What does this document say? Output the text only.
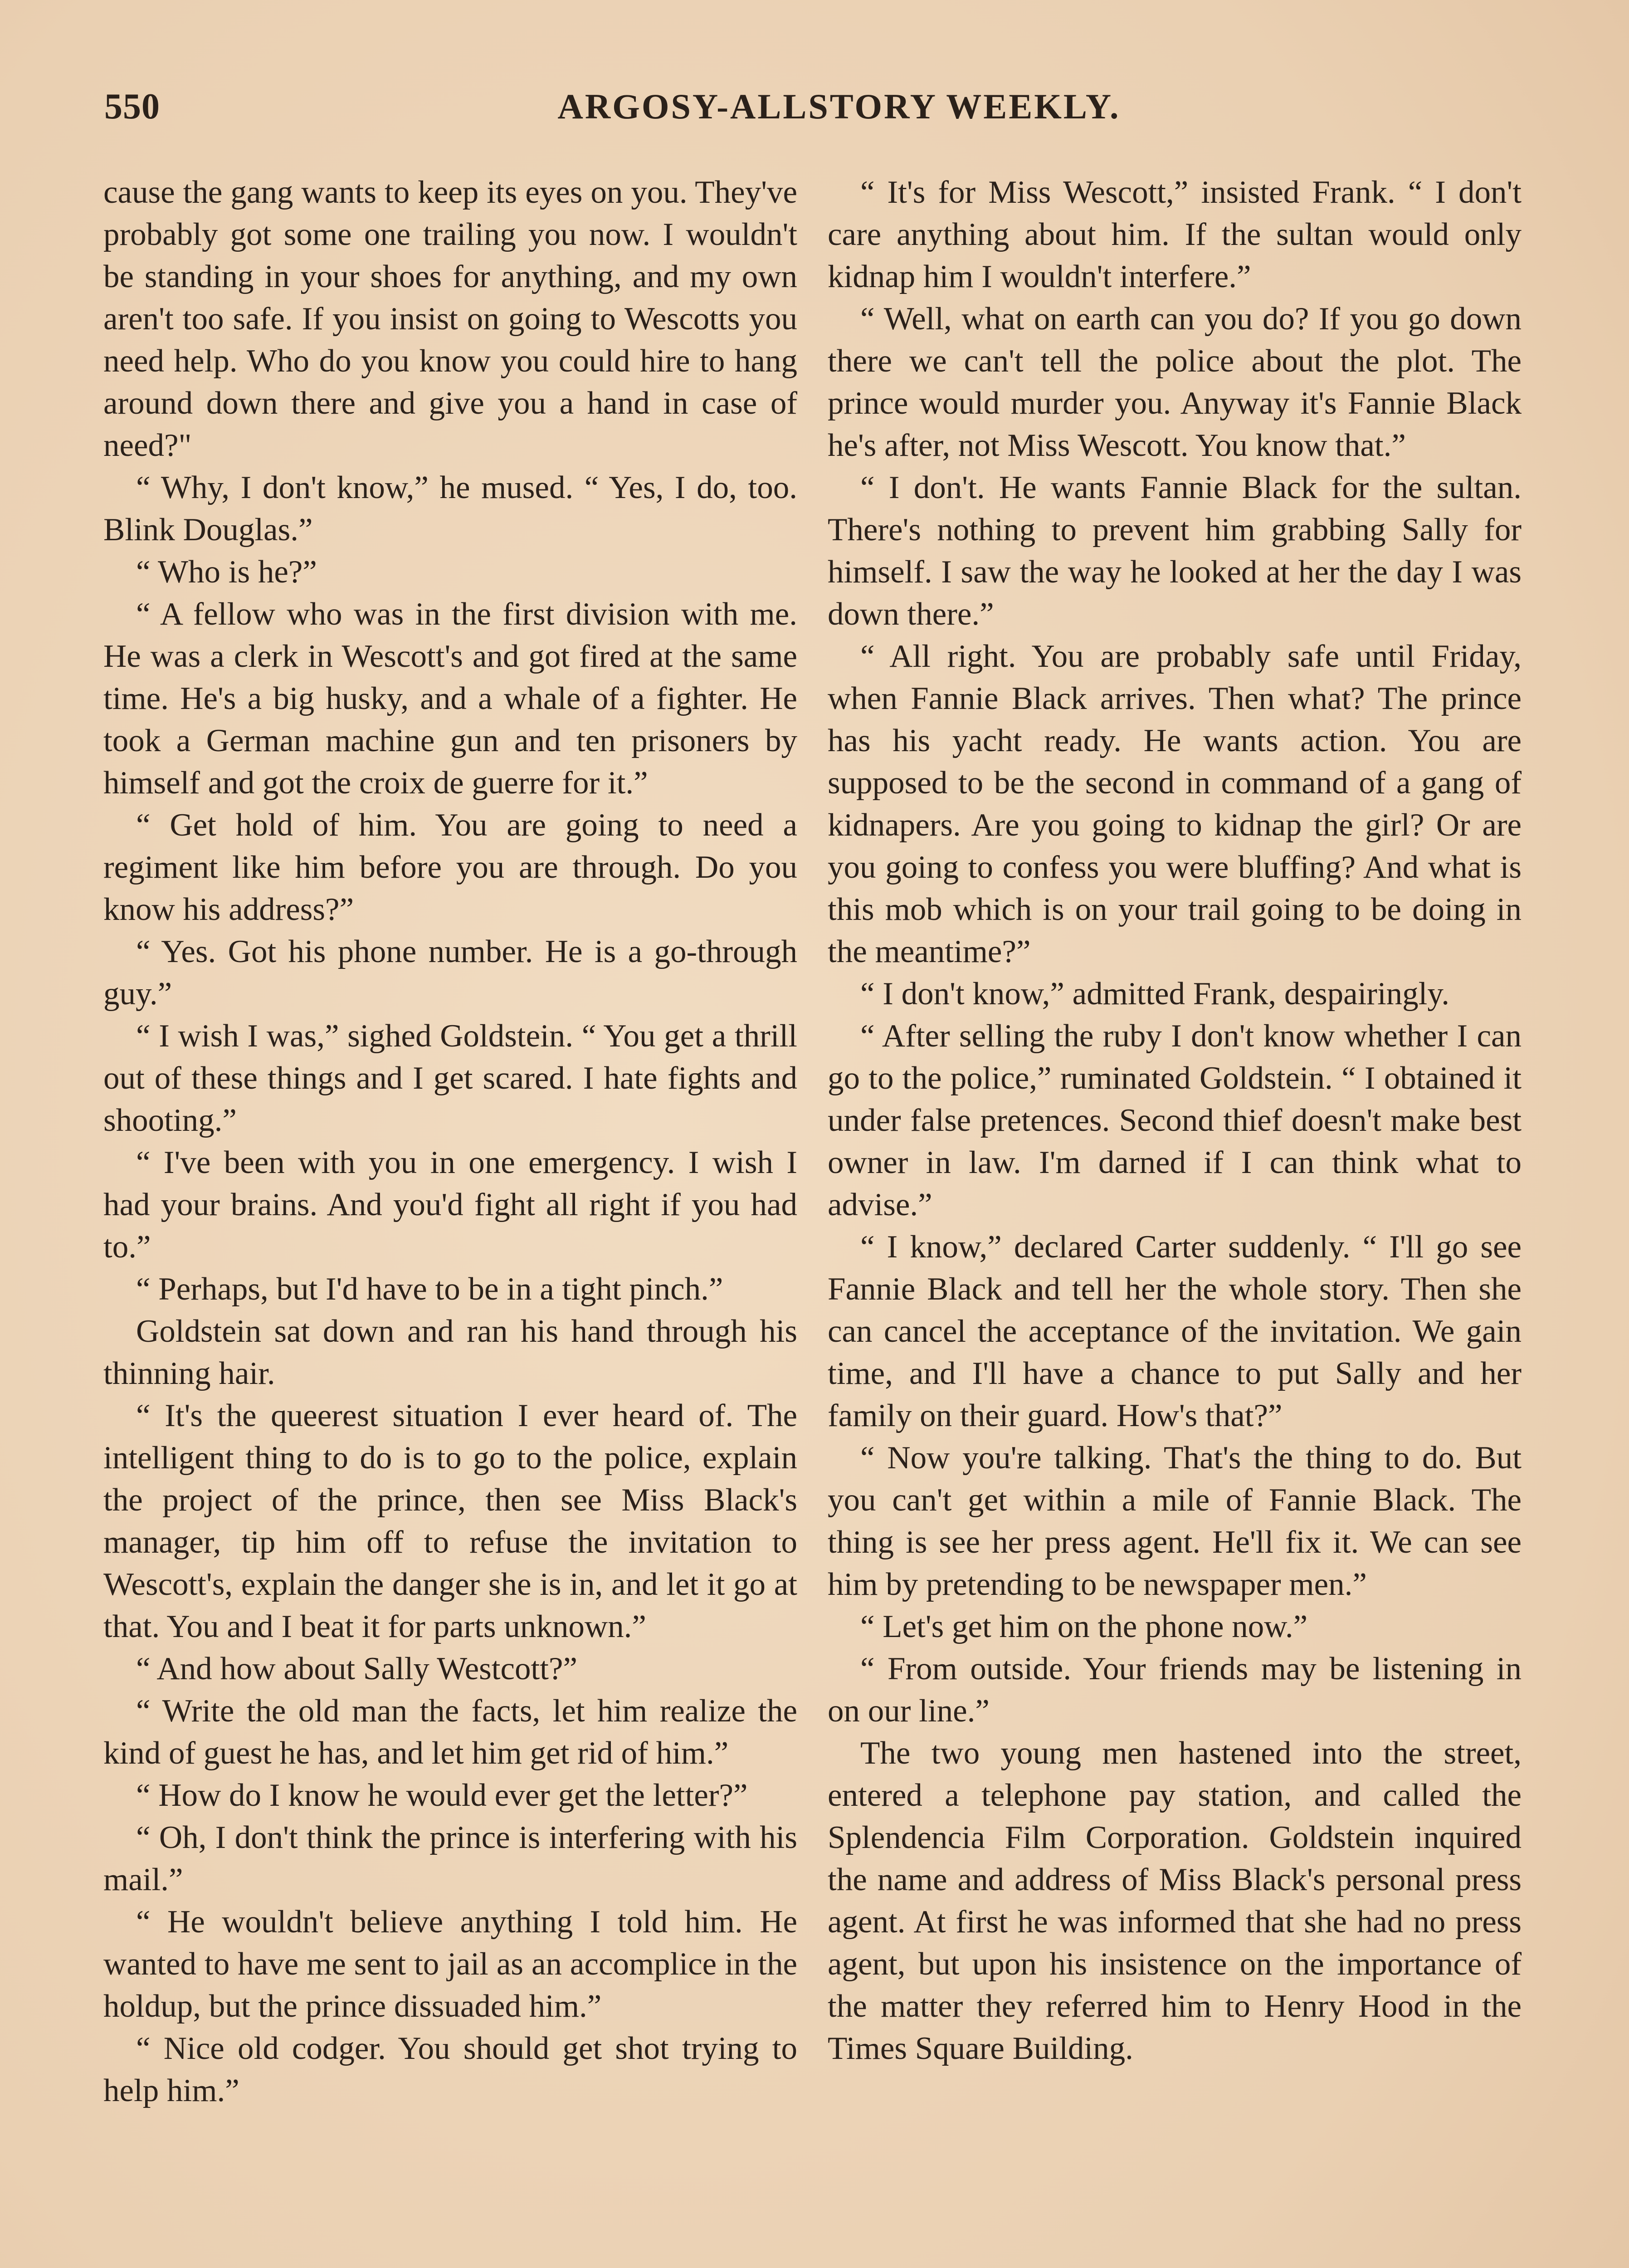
550	ARGOSY-ALLSTORY WEEKLY.

cause the gang wants to keep its eyes on you. They've probably got some one trailing you now. I wouldn't be standing in your shoes for anything, and my own aren't too safe. If you insist on going to Wescotts you need help. Who do you know you could hire to hang around down there and give you a hand in case of need?"

“ Why, I don't know,” he mused. “ Yes, I do, too. Blink Douglas.”

“ Who is he?”

“ A fellow who was in the first division with me. He was a clerk in Wescott's and got fired at the same time. He's a big husky, and a whale of a fighter. He took a German machine gun and ten prisoners by himself and got the croix de guerre for it.”

“ Get hold of him. You are going to need a regiment like him before you are through. Do you know his address?”

“ Yes. Got his phone number. He is a go-through guy.”

“ I wish I was,” sighed Goldstein. “ You get a thrill out of these things and I get scared. I hate fights and shooting.”

“ I've been with you in one emergency. I wish I had your brains. And you'd fight all right if you had to.”

“ Perhaps, but I'd have to be in a tight pinch.”

Goldstein sat down and ran his hand through his thinning hair.

“ It's the queerest situation I ever heard of. The intelligent thing to do is to go to the police, explain the project of the prince, then see Miss Black's manager, tip him off to refuse the invitation to Wescott's, explain the danger she is in, and let it go at that. You and I beat it for parts unknown.”

“ And how about Sally Westcott?”

“ Write the old man the facts, let him realize the kind of guest he has, and let him get rid of him.”

“ How do I know he would ever get the letter?”

“ Oh, I don't think the prince is interfering with his mail.”

“ He wouldn't believe anything I told him. He wanted to have me sent to jail as an accomplice in the holdup, but the prince dissuaded him.”

“ Nice old codger. You should get shot trying to help him.”

“ It's for Miss Wescott,” insisted Frank. “ I don't care anything about him. If the sultan would only kidnap him I wouldn't interfere.”

“ Well, what on earth can you do? If you go down there we can't tell the police about the plot. The prince would murder you. Anyway it's Fannie Black he's after, not Miss Wescott. You know that.”

“ I don't. He wants Fannie Black for the sultan. There's nothing to prevent him grabbing Sally for himself. I saw the way he looked at her the day I was down there.”

“ All right. You are probably safe until Friday, when Fannie Black arrives. Then what? The prince has his yacht ready. He wants action. You are supposed to be the second in command of a gang of kidnapers. Are you going to kidnap the girl? Or are you going to confess you were bluffing? And what is this mob which is on your trail going to be doing in the meantime?”

“ I don't know,” admitted Frank, despairingly.

“ After selling the ruby I don't know whether I can go to the police,” ruminated Goldstein. “ I obtained it under false pretences. Second thief doesn't make best owner in law. I'm darned if I can think what to advise.”

“ I know,” declared Carter suddenly. “ I'll go see Fannie Black and tell her the whole story. Then she can cancel the acceptance of the invitation. We gain time, and I'll have a chance to put Sally and her family on their guard. How's that?”

“ Now you're talking. That's the thing to do. But you can't get within a mile of Fannie Black. The thing is see her press agent. He'll fix it. We can see him by pretending to be newspaper men.”

“ Let's get him on the phone now.”

“ From outside. Your friends may be listening in on our line.”

The two young men hastened into the street, entered a telephone pay station, and called the Splendencia Film Corporation. Goldstein inquired the name and address of Miss Black's personal press agent. At first he was informed that she had no press agent, but upon his insistence on the importance of the matter they referred him to Henry Hood in the Times Square Building.
